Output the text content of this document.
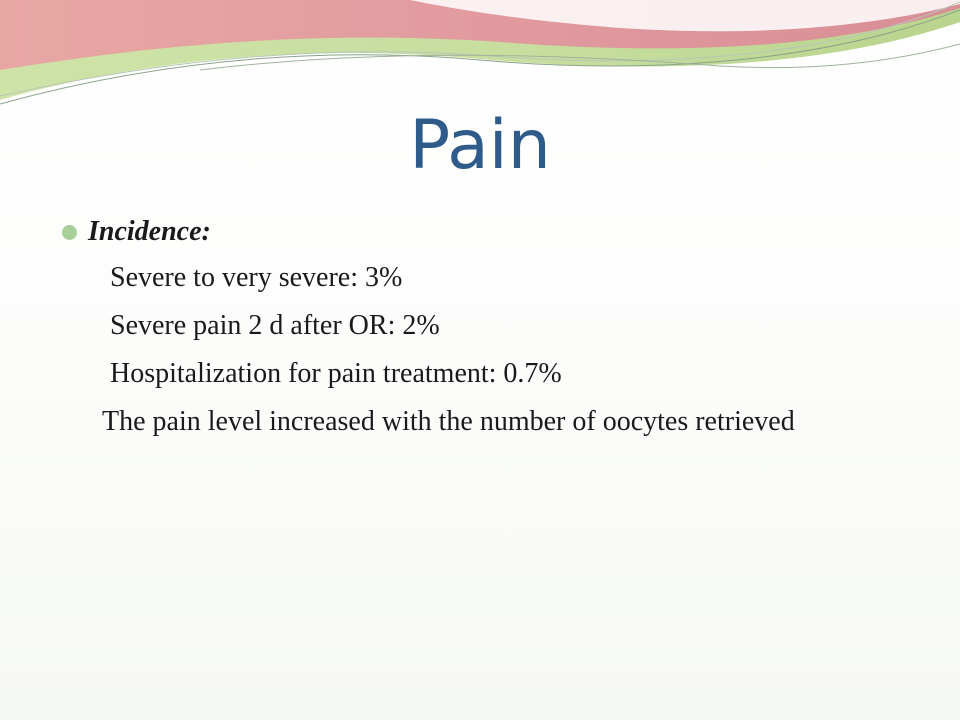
Pain
Incidence:
Severe to very severe: 3%
Severe pain 2 d after OR: 2%
Hospitalization for pain treatment: 0.7%
The pain level increased with the number of oocytes retrieved
